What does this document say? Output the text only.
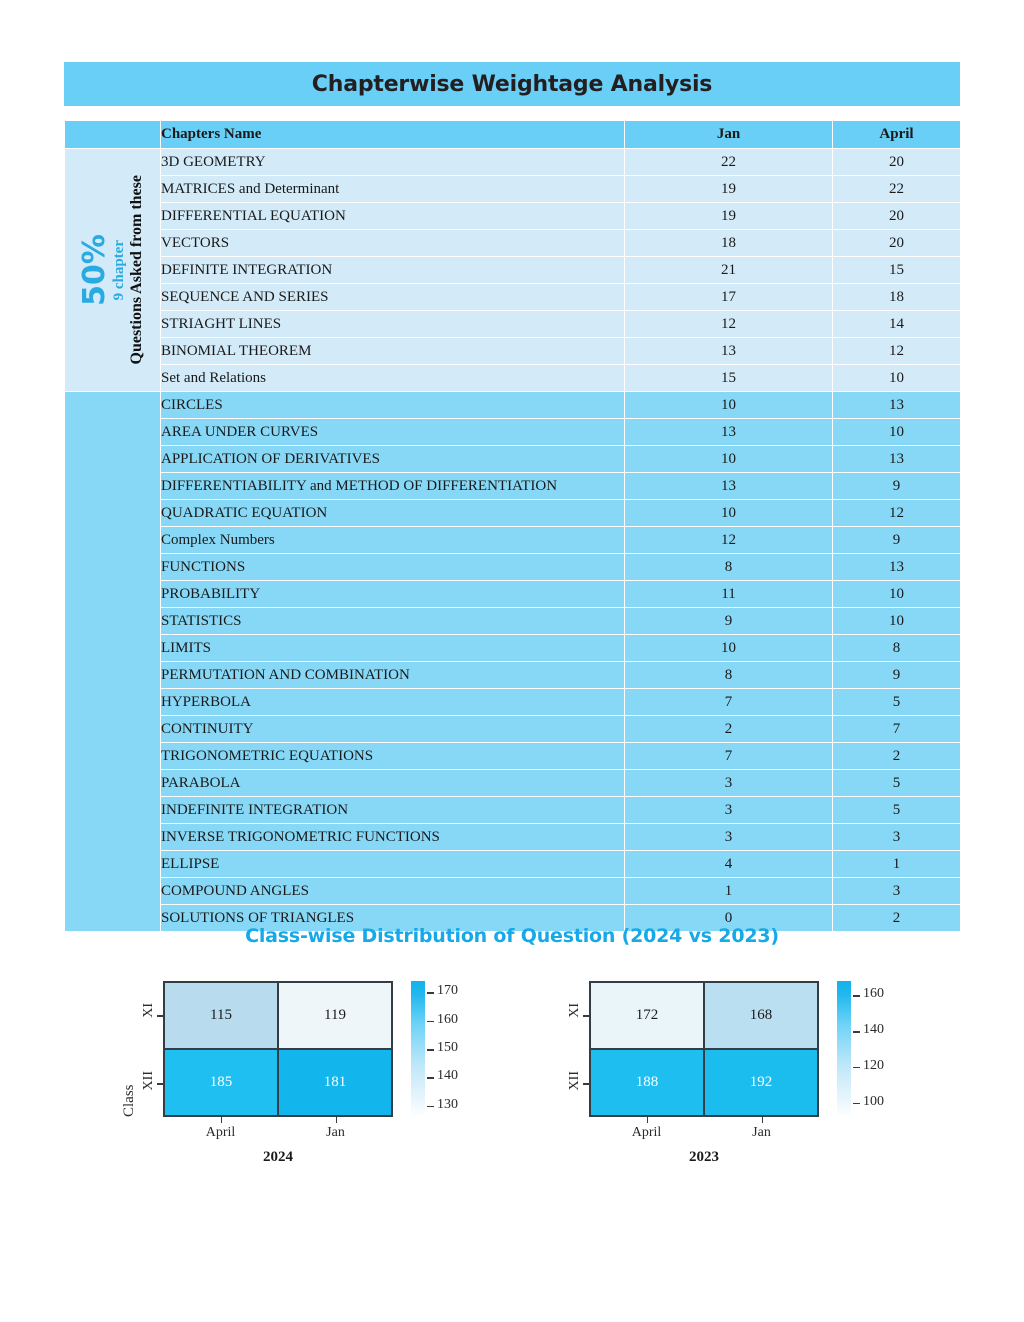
Chapterwise Weightage Analysis
	Chapters Name	Jan	April

50% 9 chapter Questions Asked from these	3D GEOMETRY	22	20
	MATRICES and Determinant	19	22
	DIFFERENTIAL EQUATION	19	20
	VECTORS	18	20
	DEFINITE INTEGRATION	21	15
	SEQUENCE AND SERIES	17	18
	STRIAGHT LINES	12	14
	BINOMIAL THEOREM	13	12
	Set and Relations	15	10
	CIRCLES	10	13
	AREA UNDER CURVES	13	10
	APPLICATION OF DERIVATIVES	10	13
	DIFFERENTIABILITY and METHOD OF DIFFERENTIATION	13	9
	QUADRATIC EQUATION	10	12
	Complex Numbers	12	9
	FUNCTIONS	8	13
	PROBABILITY	11	10
	STATISTICS	9	10
	LIMITS	10	8
	PERMUTATION AND COMBINATION	8	9
	HYPERBOLA	7	5
	CONTINUITY	2	7
	TRIGONOMETRIC EQUATIONS	7	2
	PARABOLA	3	5
	INDEFINITE INTEGRATION	3	5
	INVERSE TRIGONOMETRIC FUNCTIONS	3	3
	ELLIPSE	4	1
	COMPOUND ANGLES	1	3
	SOLUTIONS OF TRIANGLES	0	2
Class-wise Distribution of Question (2024 vs 2023)
Class
XI
XII
115	119
185	181
April	Jan
2024
130
140
150
160
170
XI
XII
172	168
188	192
April	Jan
2023
100
120
140
160
